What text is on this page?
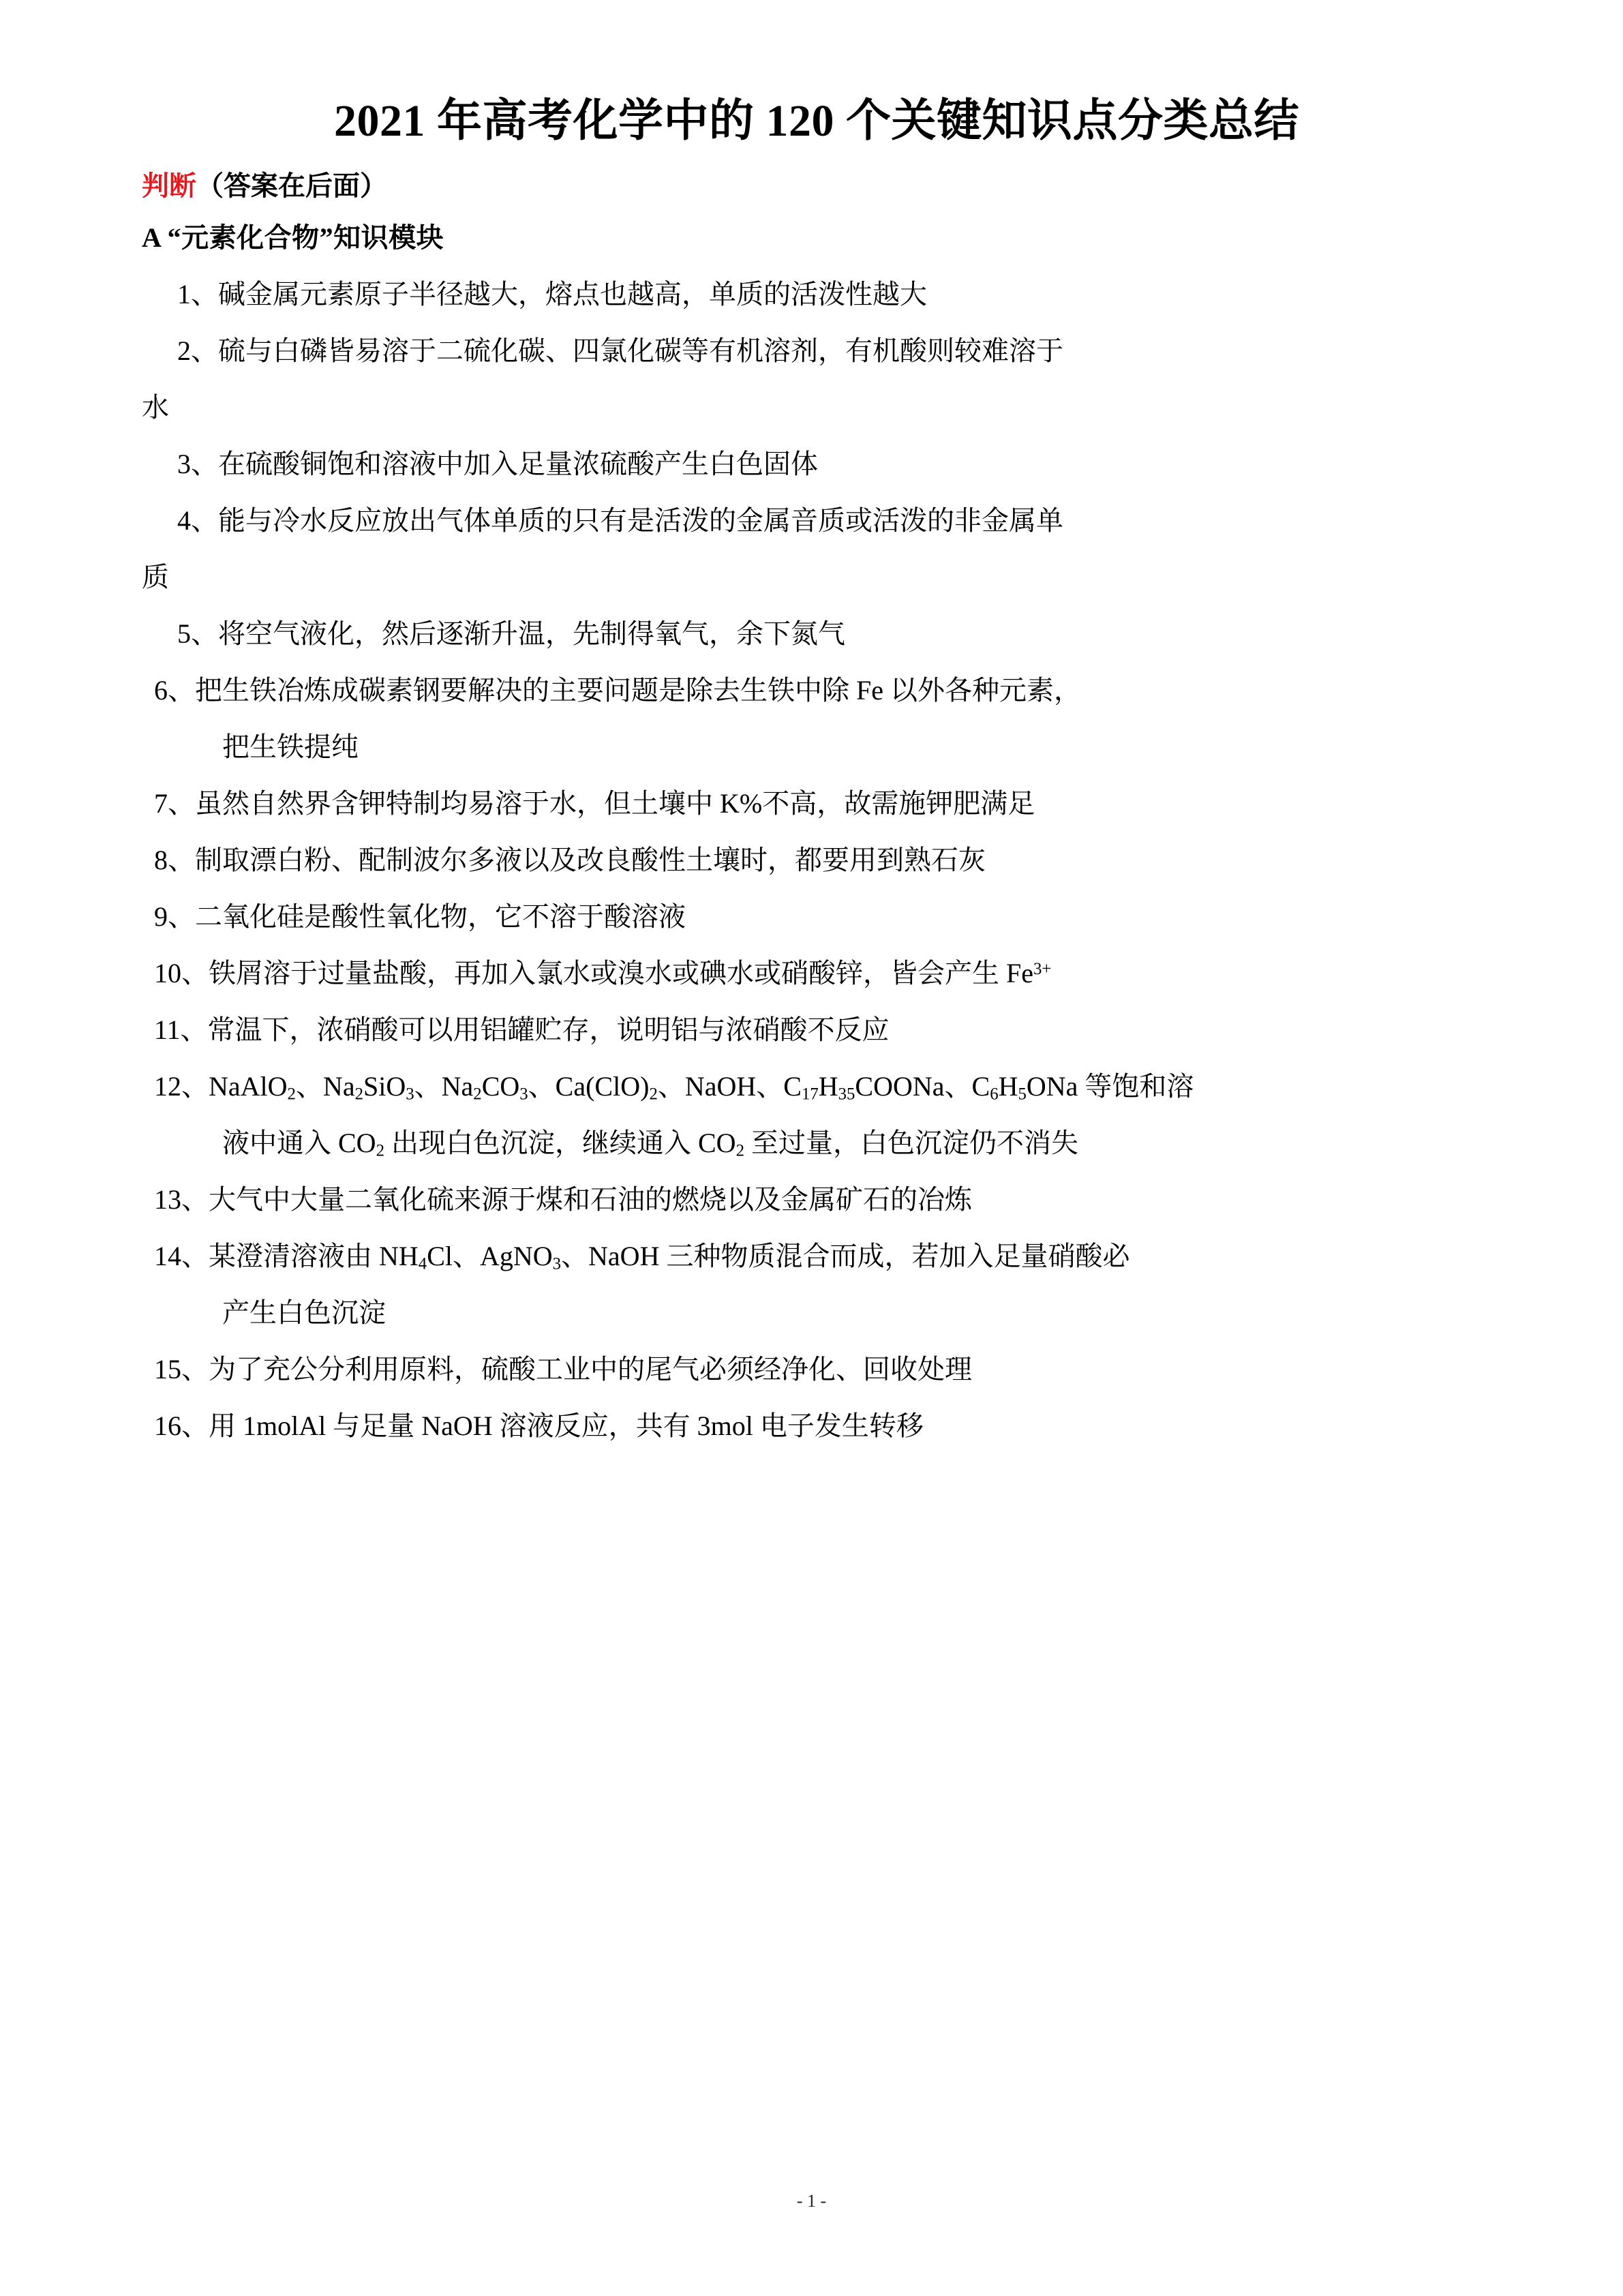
2021 年高考化学中的 120 个关键知识点分类总结
判断（答案在后面）
A “元素化合物”知识模块
1、碱金属元素原子半径越大，熔点也越高，单质的活泼性越大
2、硫与白磷皆易溶于二硫化碳、四氯化碳等有机溶剂，有机酸则较难溶于
水
3、在硫酸铜饱和溶液中加入足量浓硫酸产生白色固体
4、能与冷水反应放出气体单质的只有是活泼的金属音质或活泼的非金属单
质
5、将空气液化，然后逐渐升温，先制得氧气，余下氮气
6、把生铁冶炼成碳素钢要解决的主要问题是除去生铁中除 Fe 以外各种元素，
把生铁提纯
7、虽然自然界含钾特制均易溶于水，但土壤中 K%不高，故需施钾肥满足
8、制取漂白粉、配制波尔多液以及改良酸性土壤时，都要用到熟石灰
9、二氧化硅是酸性氧化物，它不溶于酸溶液
10、铁屑溶于过量盐酸，再加入氯水或溴水或碘水或硝酸锌，皆会产生 $Fe^{3+}$
11、常温下，浓硝酸可以用铝罐贮存，说明铝与浓硝酸不反应
12、NaAlO$_2$、$Na_2SiO_3$、$Na_2CO_3$、$Ca(ClO)_2$、NaOH、$C_{17}H_{35}COONa$、$C_6H_5ONa$ 等饱和溶
液中通入 $CO_2$ 出现白色沉淀，继续通入 $CO_2$ 至过量，白色沉淀仍不消失
13、大气中大量二氧化硫来源于煤和石油的燃烧以及金属矿石的冶炼
14、某澄清溶液由 $NH_4Cl$、AgNO$_3$、NaOH 三种物质混合而成，若加入足量硝酸必
产生白色沉淀
15、为了充公分利用原料，硫酸工业中的尾气必须经净化、回收处理
16、用 1molAl 与足量 NaOH 溶液反应，共有 3mol 电子发生转移
- 1 -
